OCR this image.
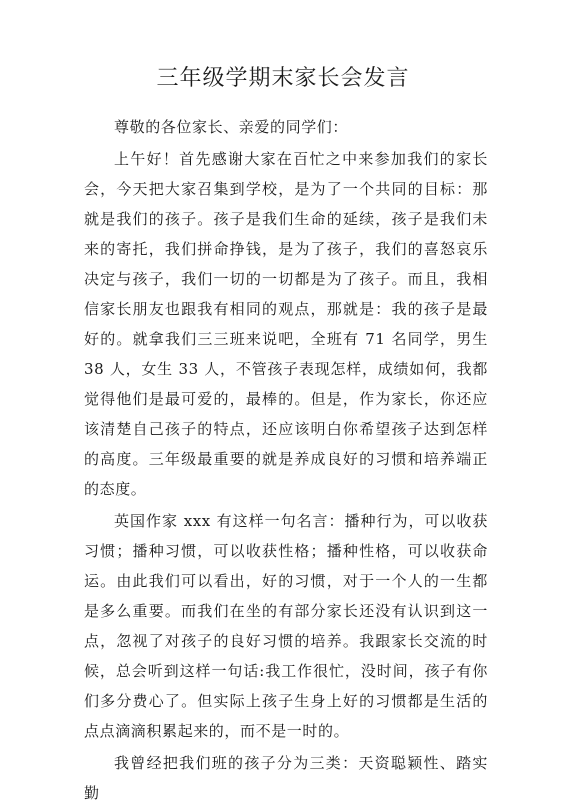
三年级学期末家长会发言

尊敬的各位家长、亲爱的同学们：

上午好！首先感谢大家在百忙之中来参加我们的家长会，今天把大家召集到学校，是为了一个共同的目标：那就是我们的孩子。孩子是我们生命的延续，孩子是我们未来的寄托，我们拼命挣钱，是为了孩子，我们的喜怒哀乐决定与孩子，我们一切的一切都是为了孩子。而且，我相信家长朋友也跟我有相同的观点，那就是：我的孩子是最好的。就拿我们三三班来说吧，全班有 71 名同学，男生 38 人，女生 33 人，不管孩子表现怎样，成绩如何，我都觉得他们是最可爱的，最棒的。但是，作为家长，你还应该清楚自己孩子的特点，还应该明白你希望孩子达到怎样的高度。三年级最重要的就是养成良好的习惯和培养端正的态度。

英国作家 xxx 有这样一句名言：播种行为，可以收获习惯；播种习惯，可以收获性格；播种性格，可以收获命运。由此我们可以看出，好的习惯，对于一个人的一生都是多么重要。而我们在坐的有部分家长还没有认识到这一点，忽视了对孩子的良好习惯的培养。我跟家长交流的时候，总会听到这样一句话:我工作很忙，没时间，孩子有你们多分费心了。但实际上孩子生身上好的习惯都是生活的点点滴滴积累起来的，而不是一时的。

我曾经把我们班的孩子分为三类：天资聪颖性、踏实勤
